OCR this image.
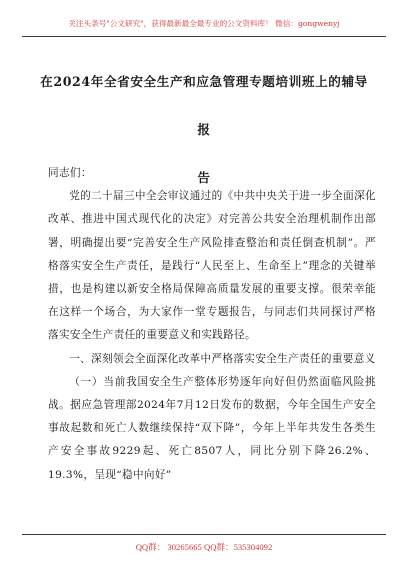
关注头条号"公文研究"，获得最新最全最专业的公文资料库！ 微信：gongwenyj
在2024年全省安全生产和应急管理专题培训班上的辅导报
告

同志们：

党的二十届三中全会审议通过的《中共中央关于进一步全面深化改革、推进中国式现代化的决定》对完善公共安全治理机制作出部署，明确提出要“完善安全生产风险排查整治和责任倒查机制”。严格落实安全生产责任，是践行“人民至上、生命至上”理念的关键举措，也是构建以新安全格局保障高质量发展的重要支撑。很荣幸能在这样一个场合，为大家作一堂专题报告，与同志们共同探讨严格落实安全生产责任的重要意义和实践路径。

一、深刻领会全面深化改革中严格落实安全生产责任的重要意义

（一）当前我国安全生产整体形势逐年向好但仍然面临风险挑战。据应急管理部2024年7月12日发布的数据，今年全国生产安全事故起数和死亡人数继续保持“双下降”，今年上半年共发生各类生产安全事故9229起、死亡8507人，同比分别下降26.2%、19.3%，呈现“稳中向好”

QQ群： 30265665 QQ群：535304092
